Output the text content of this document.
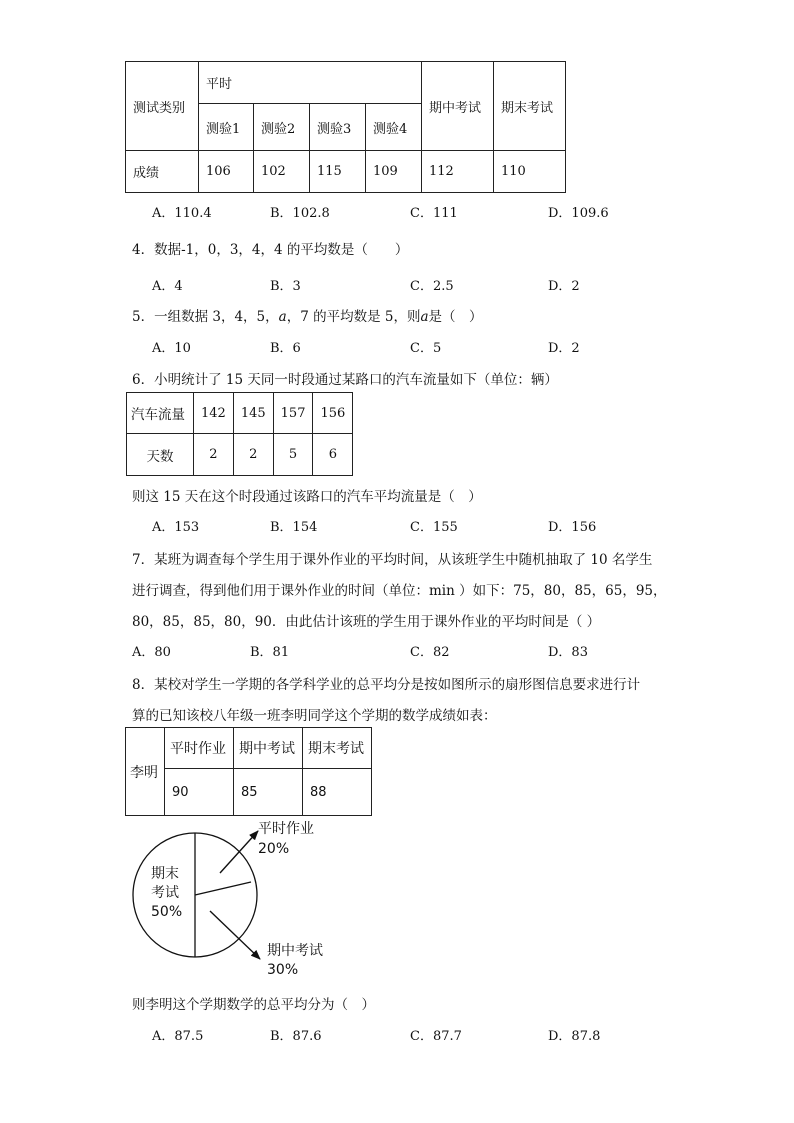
测试类别	平时				期中考试	期末考试
	测验1	测验2	测验3	测验4		
成绩	106	102	115	109	112	110
A．110.4	B．102.8	C．111	D．109.6
4．数据-1，0，3，4，4 的平均数是（　　）
A．4	B．3	C．2.5	D．2
5．一组数据 3，4，5，a，7 的平均数是 5，则a是（　）
A．10	B．6	C．5	D．2
6．小明统计了 15 天同一时段通过某路口的汽车流量如下（单位：辆）
汽车流量	142	145	157	156
天数	2	2	5	6
则这 15 天在这个时段通过该路口的汽车平均流量是（　）
A．153	B．154	C．155	D．156
7．某班为调查每个学生用于课外作业的平均时间，从该班学生中随机抽取了 10 名学生
进行调查，得到他们用于课外作业的时间（单位：min ）如下：75，80，85，65，95，
80，85，85，80，90．由此估计该班的学生用于课外作业的平均时间是（ ）
A．80	B．81	C．82	D．83
8．某校对学生一学期的各学科学业的总平均分是按如图所示的扇形图信息要求进行计
算的已知该校八年级一班李明同学这个学期的数学成绩如表：
李明	平时作业	期中考试	期末考试
	90	85	88
期末
考试
50%
平时作业
20%
期中考试
30%
则李明这个学期数学的总平均分为（　）
A．87.5	B．87.6	C．87.7	D．87.8
